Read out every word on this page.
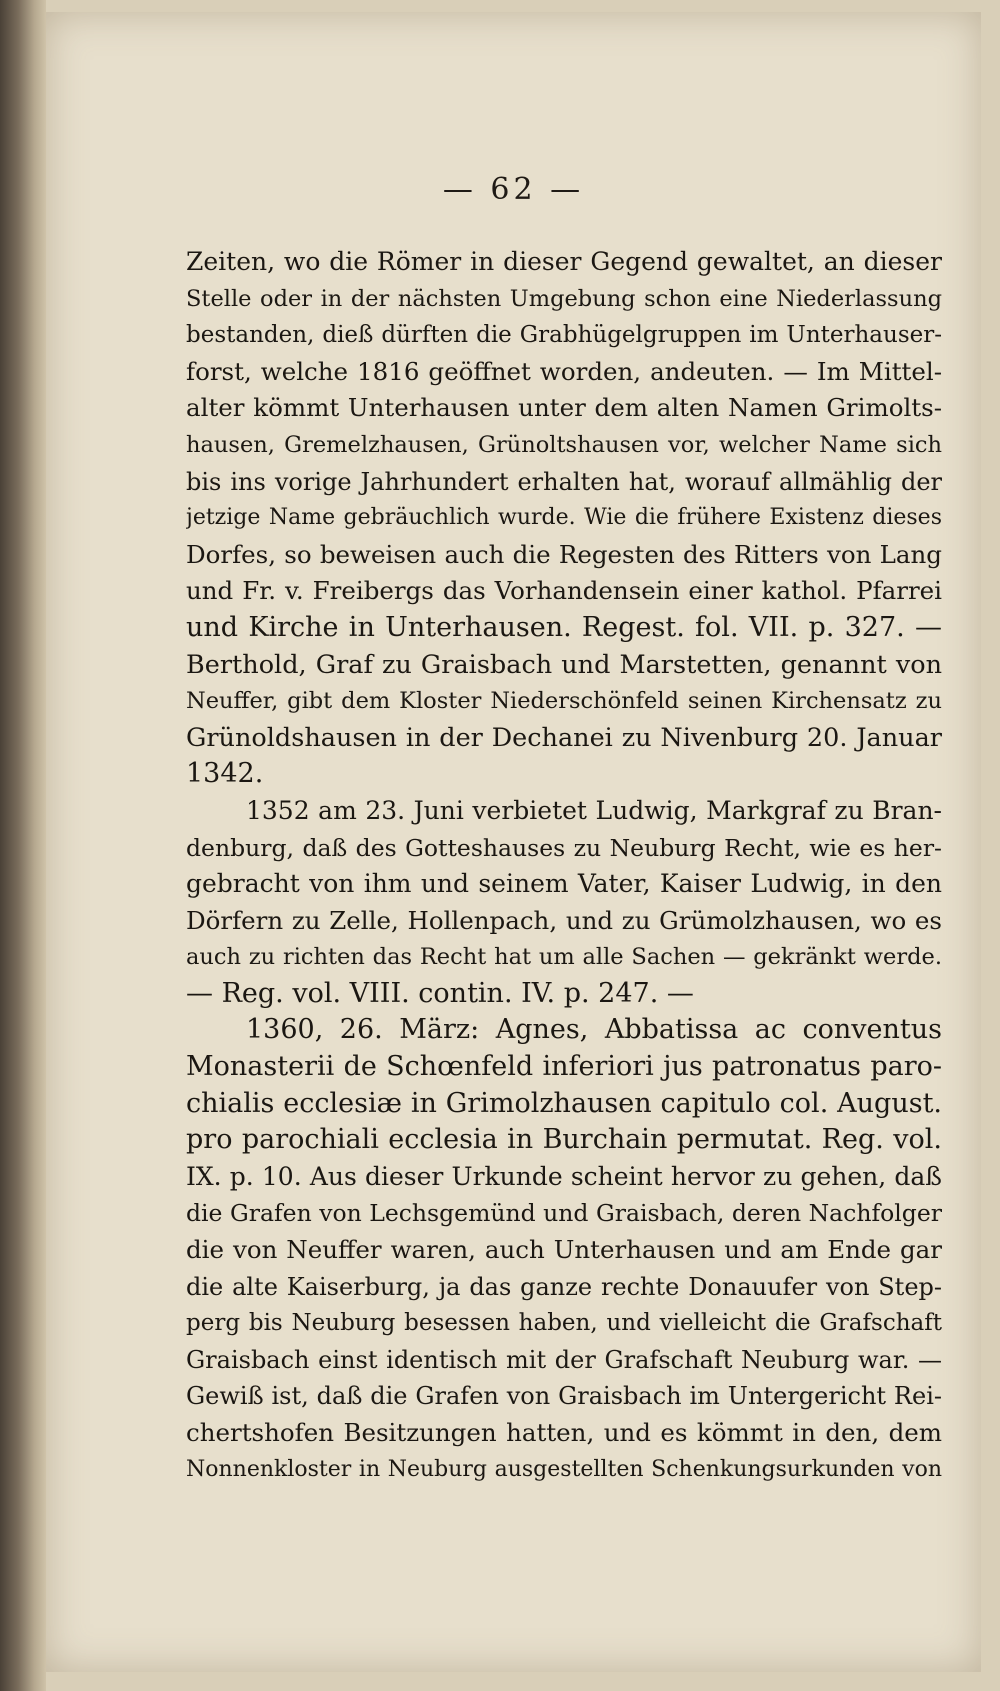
— 62 —
Zeiten, wo die Römer in dieser Gegend gewaltet, an dieser
Stelle oder in der nächsten Umgebung schon eine Niederlassung
bestanden, dieß dürften die Grabhügelgruppen im Unterhauser-
forst, welche 1816 geöffnet worden, andeuten. — Im Mittel-
alter kömmt Unterhausen unter dem alten Namen Grimolts-
hausen, Gremelzhausen, Grünoltshausen vor, welcher Name sich
bis ins vorige Jahrhundert erhalten hat, worauf allmählig der
jetzige Name gebräuchlich wurde. Wie die frühere Existenz dieses
Dorfes, so beweisen auch die Regesten des Ritters von Lang
und Fr. v. Freibergs das Vorhandensein einer kathol. Pfarrei
und Kirche in Unterhausen. Regest. fol. VII. p. 327. —
Berthold, Graf zu Graisbach und Marstetten, genannt von
Neuffer, gibt dem Kloster Niederschönfeld seinen Kirchensatz zu
Grünoldshausen in der Dechanei zu Nivenburg 20. Januar
1342.
1352 am 23. Juni verbietet Ludwig, Markgraf zu Bran-
denburg, daß des Gotteshauses zu Neuburg Recht, wie es her-
gebracht von ihm und seinem Vater, Kaiser Ludwig, in den
Dörfern zu Zelle, Hollenpach, und zu Grümolzhausen, wo es
auch zu richten das Recht hat um alle Sachen — gekränkt werde.
— Reg. vol. VIII. contin. IV. p. 247. —
1360, 26. März: Agnes, Abbatissa ac conventus
Monasterii de Schœnfeld inferiori jus patronatus paro-
chialis ecclesiæ in Grimolzhausen capitulo col. August.
pro parochiali ecclesia in Burchain permutat. Reg. vol.
IX. p. 10. Aus dieser Urkunde scheint hervor zu gehen, daß
die Grafen von Lechsgemünd und Graisbach, deren Nachfolger
die von Neuffer waren, auch Unterhausen und am Ende gar
die alte Kaiserburg, ja das ganze rechte Donauufer von Step-
perg bis Neuburg besessen haben, und vielleicht die Grafschaft
Graisbach einst identisch mit der Grafschaft Neuburg war. —
Gewiß ist, daß die Grafen von Graisbach im Untergericht Rei-
chertshofen Besitzungen hatten, und es kömmt in den, dem
Nonnenkloster in Neuburg ausgestellten Schenkungsurkunden von
